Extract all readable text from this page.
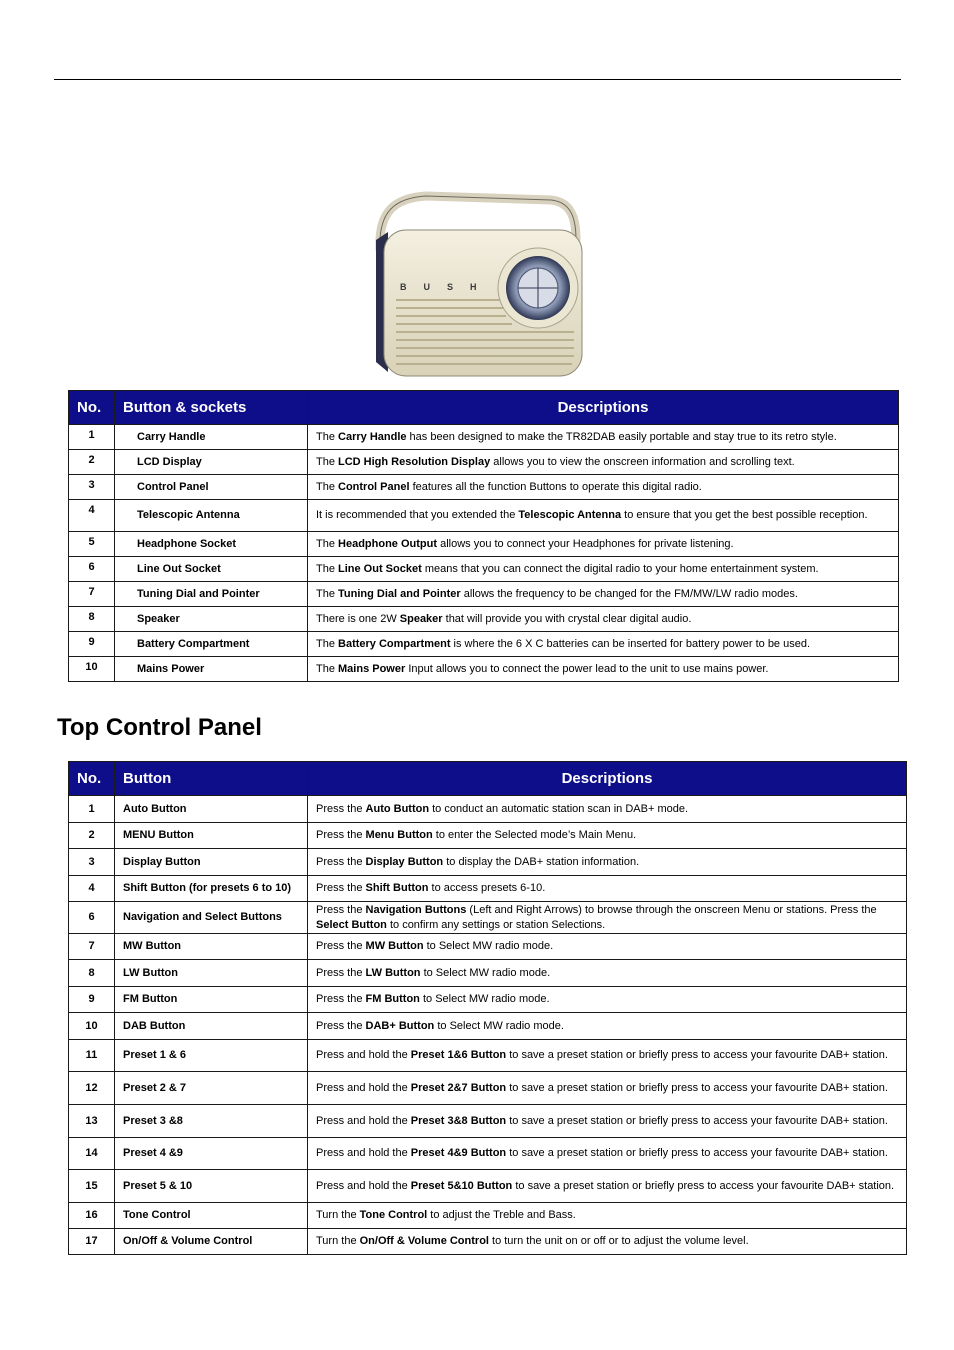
BUSH
No.	Button & sockets	Descriptions
1	Carry Handle	The Carry Handle has been designed to make the TR82DAB easily portable and stay true to its retro style.
2	LCD Display	The LCD High Resolution Display allows you to view the onscreen information and scrolling text.
3	Control Panel	The Control Panel features all the function Buttons to operate this digital radio.
4	Telescopic Antenna	It is recommended that you extended the Telescopic Antenna to ensure that you get the best possible reception.
5	Headphone Socket	The Headphone Output allows you to connect your Headphones for private listening.
6	Line Out Socket	The Line Out Socket means that you can connect the digital radio to your home entertainment system.
7	Tuning Dial and Pointer	The Tuning Dial and Pointer allows the frequency to be changed for the FM/MW/LW radio modes.
8	Speaker	There is one 2W Speaker that will provide you with crystal clear digital audio.
9	Battery Compartment	The Battery Compartment is where the 6 X C batteries can be inserted for battery power to be used.
10	Mains Power	The Mains Power Input allows you to connect the power lead to the unit to use mains power.
Top Control Panel
No.	Button	Descriptions
1	Auto Button	Press the Auto Button to conduct an automatic station scan in DAB+ mode.
2	MENU Button	Press the Menu Button to enter the Selected mode’s Main Menu.
3	Display Button	Press the Display Button to display the DAB+ station information.
4	Shift Button (for presets 6 to 10)	Press the Shift Button to access presets 6-10.
6	Navigation and Select Buttons	Press the Navigation Buttons (Left and Right Arrows) to browse through the onscreen Menu or stations. Press the Select Button to confirm any settings or station Selections.
7	MW Button	Press the MW Button to Select MW radio mode.
8	LW Button	Press the LW Button to Select MW radio mode.
9	FM Button	Press the FM Button to Select MW radio mode.
10	DAB Button	Press the DAB+ Button to Select MW radio mode.
11	Preset 1 & 6	Press and hold the Preset 1&6 Button to save a preset station or briefly press to access your favourite DAB+ station.
12	Preset 2 & 7	Press and hold the Preset 2&7 Button to save a preset station or briefly press to access your favourite DAB+ station.
13	Preset 3 &8	Press and hold the Preset 3&8 Button to save a preset station or briefly press to access your favourite DAB+ station.
14	Preset 4 &9	Press and hold the Preset 4&9 Button to save a preset station or briefly press to access your favourite DAB+ station.
15	Preset 5 & 10	Press and hold the Preset 5&10 Button to save a preset station or briefly press to access your favourite DAB+ station.
16	Tone Control	Turn the Tone Control to adjust the Treble and Bass.
17	On/Off & Volume Control	Turn the On/Off & Volume Control to turn the unit on or off or to adjust the volume level.
